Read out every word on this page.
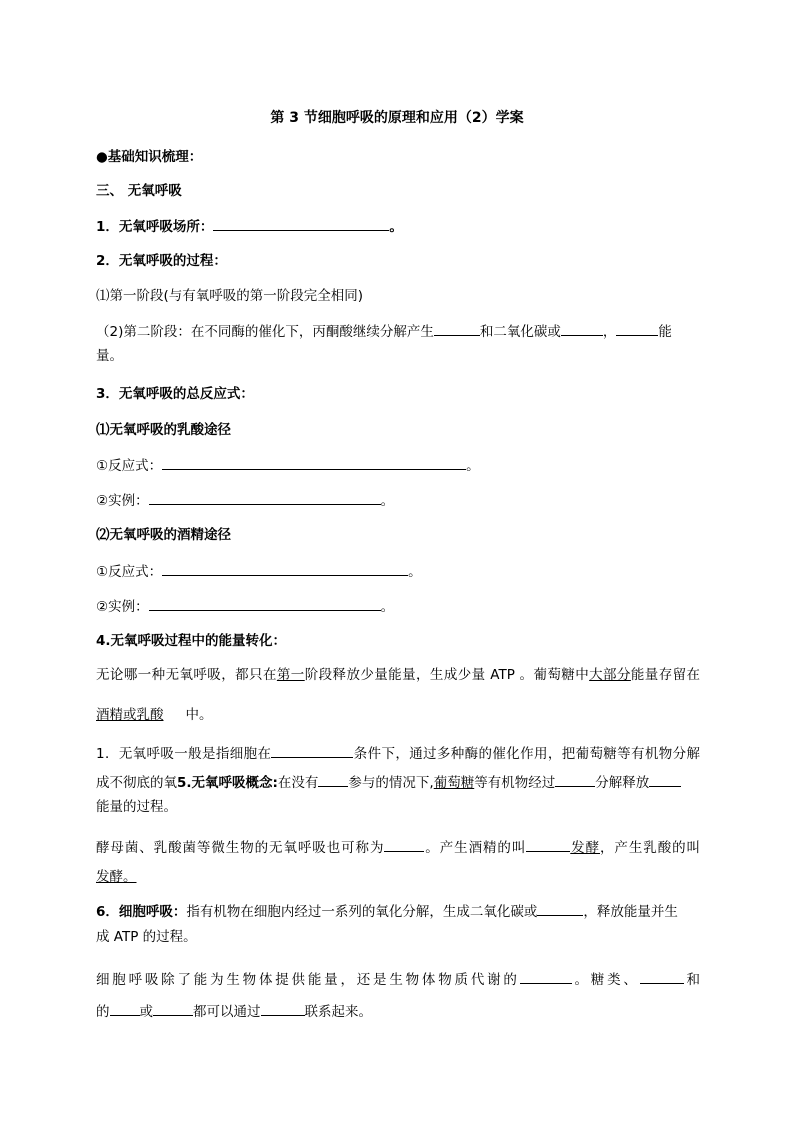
第 3 节细胞呼吸的原理和应用（2）学案
●基础知识梳理：
三、 无氧呼吸
1．无氧呼吸场所：	。
2．无氧呼吸的过程：
⑴第一阶段(与有氧呼吸的第一阶段完全相同)
（2)第二阶段：在不同酶的催化下，丙酮酸继续分解产生	和二氧化碳或	，	能
量。
3．无氧呼吸的总反应式：
⑴无氧呼吸的乳酸途径
①反应式：	。
②实例：	。
⑵无氧呼吸的酒精途径
①反应式：	。
②实例：	。
4.无氧呼吸过程中的能量转化：
无论哪一种无氧呼吸，都只在第一阶段释放少量能量，生成少量 ATP 。葡萄糖中大部分能量存留在
酒精或乳酸 中。
1．无氧呼吸一般是指细胞在	条件下，通过多种酶的催化作用，把葡萄糖等有机物分解
成不彻底的氧5.无氧呼吸概念:在没有 参与的情况下,葡萄糖等有机物经过	分解释放
能量的过程。
酵母菌、乳酸菌等微生物的无氧呼吸也可称为	。产生酒精的叫	发酵，产生乳酸的叫
发酵。
6．细胞呼吸：指有机物在细胞内经过一系列的氧化分解，生成二氧化碳或	，释放能量并生
成 ATP 的过程。
细胞呼吸除了能为生物体提供能量，还是生物体物质代谢的	。糖类、	和
的 或	都可以通过	联系起来。
